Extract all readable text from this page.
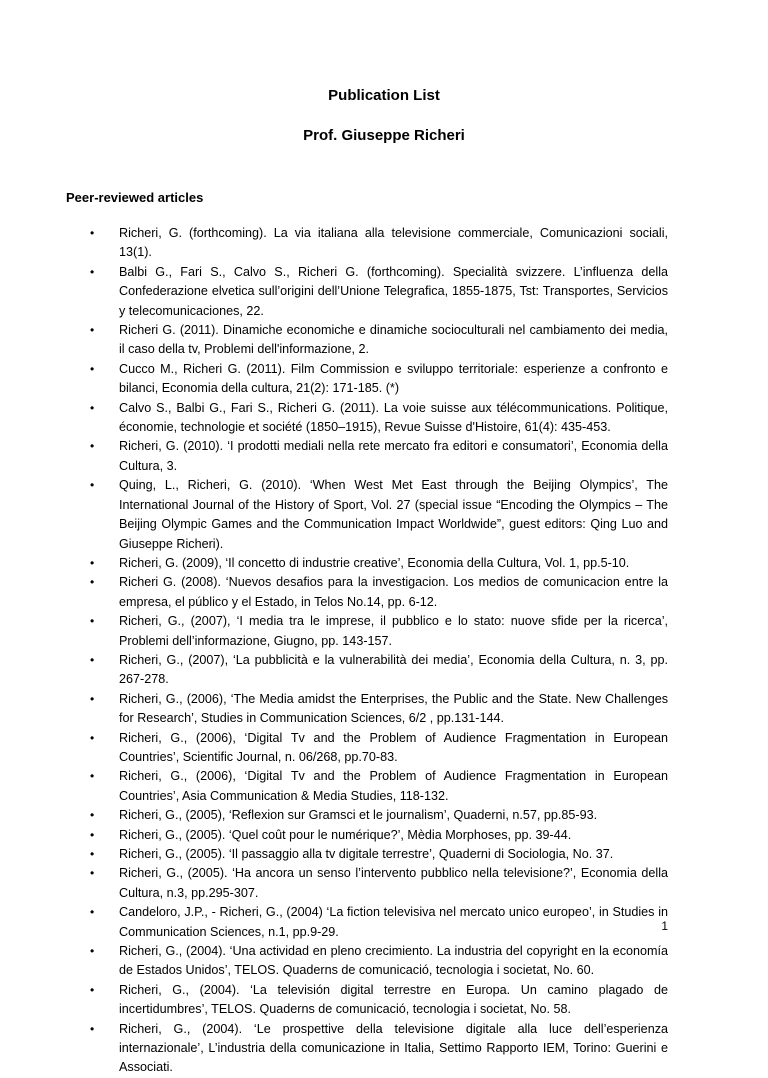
Publication List
Prof. Giuseppe Richeri
Peer-reviewed articles
• Richeri, G. (forthcoming). La via italiana alla televisione commerciale, Comunicazioni sociali, 13(1).
• Balbi G., Fari S., Calvo S., Richeri G. (forthcoming). Specialità svizzere. L’influenza della Confederazione elvetica sull’origini dell’Unione Telegrafica, 1855-1875, Tst: Transportes, Servicios y telecomunicaciones, 22.
• Richeri G. (2011). Dinamiche economiche e dinamiche socioculturali nel cambiamento dei media, il caso della tv, Problemi dell'informazione, 2.
• Cucco M., Richeri G. (2011). Film Commission e sviluppo territoriale: esperienze a confronto e bilanci, Economia della cultura, 21(2): 171-185. (*)
• Calvo S., Balbi G., Fari S., Richeri G. (2011). La voie suisse aux télécommunications. Politique, économie, technologie et société (1850–1915), Revue Suisse d'Histoire, 61(4): 435-453.
• Richeri, G. (2010). ‘I prodotti mediali nella rete mercato fra editori e consumatori’, Economia della Cultura, 3.
• Quing, L., Richeri, G. (2010). ‘When West Met East through the Beijing Olympics’, The International Journal of the History of Sport, Vol. 27 (special issue “Encoding the Olympics – The Beijing Olympic Games and the Communication Impact Worldwide”, guest editors: Qing Luo and Giuseppe Richeri).
• Richeri, G. (2009), ‘Il concetto di industrie creative’, Economia della Cultura, Vol. 1, pp.5-10.
• Richeri G. (2008). ‘Nuevos desafios para la investigacion. Los medios de comunicacion entre la empresa, el público y el Estado, in Telos No.14, pp. 6-12.
• Richeri, G., (2007), ‘I media tra le imprese, il pubblico e lo stato: nuove sfide per la ricerca’, Problemi dell’informazione, Giugno, pp. 143-157.
• Richeri, G., (2007), ‘La pubblicità e la vulnerabilità dei media’, Economia della Cultura, n. 3, pp. 267-278.
• Richeri, G., (2006), ‘The Media amidst the Enterprises, the Public and the State. New Challenges for Research’, Studies in Communication Sciences, 6/2 , pp.131-144.
• Richeri, G., (2006), ‘Digital Tv and the Problem of Audience Fragmentation in European Countries’, Scientific Journal, n. 06/268, pp.70-83.
• Richeri, G., (2006), ‘Digital Tv and the Problem of Audience Fragmentation in European Countries’, Asia Communication & Media Studies, 118-132.
• Richeri, G., (2005), ‘Reflexion sur Gramsci et le journalism’, Quaderni, n.57, pp.85-93.
• Richeri, G., (2005). ‘Quel coût pour le numérique?’, Mèdia Morphoses, pp. 39-44.
• Richeri, G., (2005). ‘Il passaggio alla tv digitale terrestre’, Quaderni di Sociologia, No. 37.
• Richeri, G., (2005). ‘Ha ancora un senso l’intervento pubblico nella televisione?’, Economia della Cultura, n.3, pp.295-307.
• Candeloro, J.P., - Richeri, G., (2004) ‘La fiction televisiva nel mercato unico europeo’, in Studies in Communication Sciences, n.1, pp.9-29.
• Richeri, G., (2004). ‘Una actividad en pleno crecimiento. La industria del copyright en la economía de Estados Unidos’, TELOS. Quaderns de comunicació, tecnologia i societat, No. 60.
• Richeri, G., (2004). ‘La televisión digital terrestre en Europa. Un camino plagado de incertidumbres’, TELOS. Quaderns de comunicació, tecnologia i societat, No. 58.
• Richeri, G., (2004). ‘Le prospettive della televisione digitale alla luce dell’esperienza internazionale’, L’industria della comunicazione in Italia, Settimo Rapporto IEM, Torino: Guerini e Associati.
1
